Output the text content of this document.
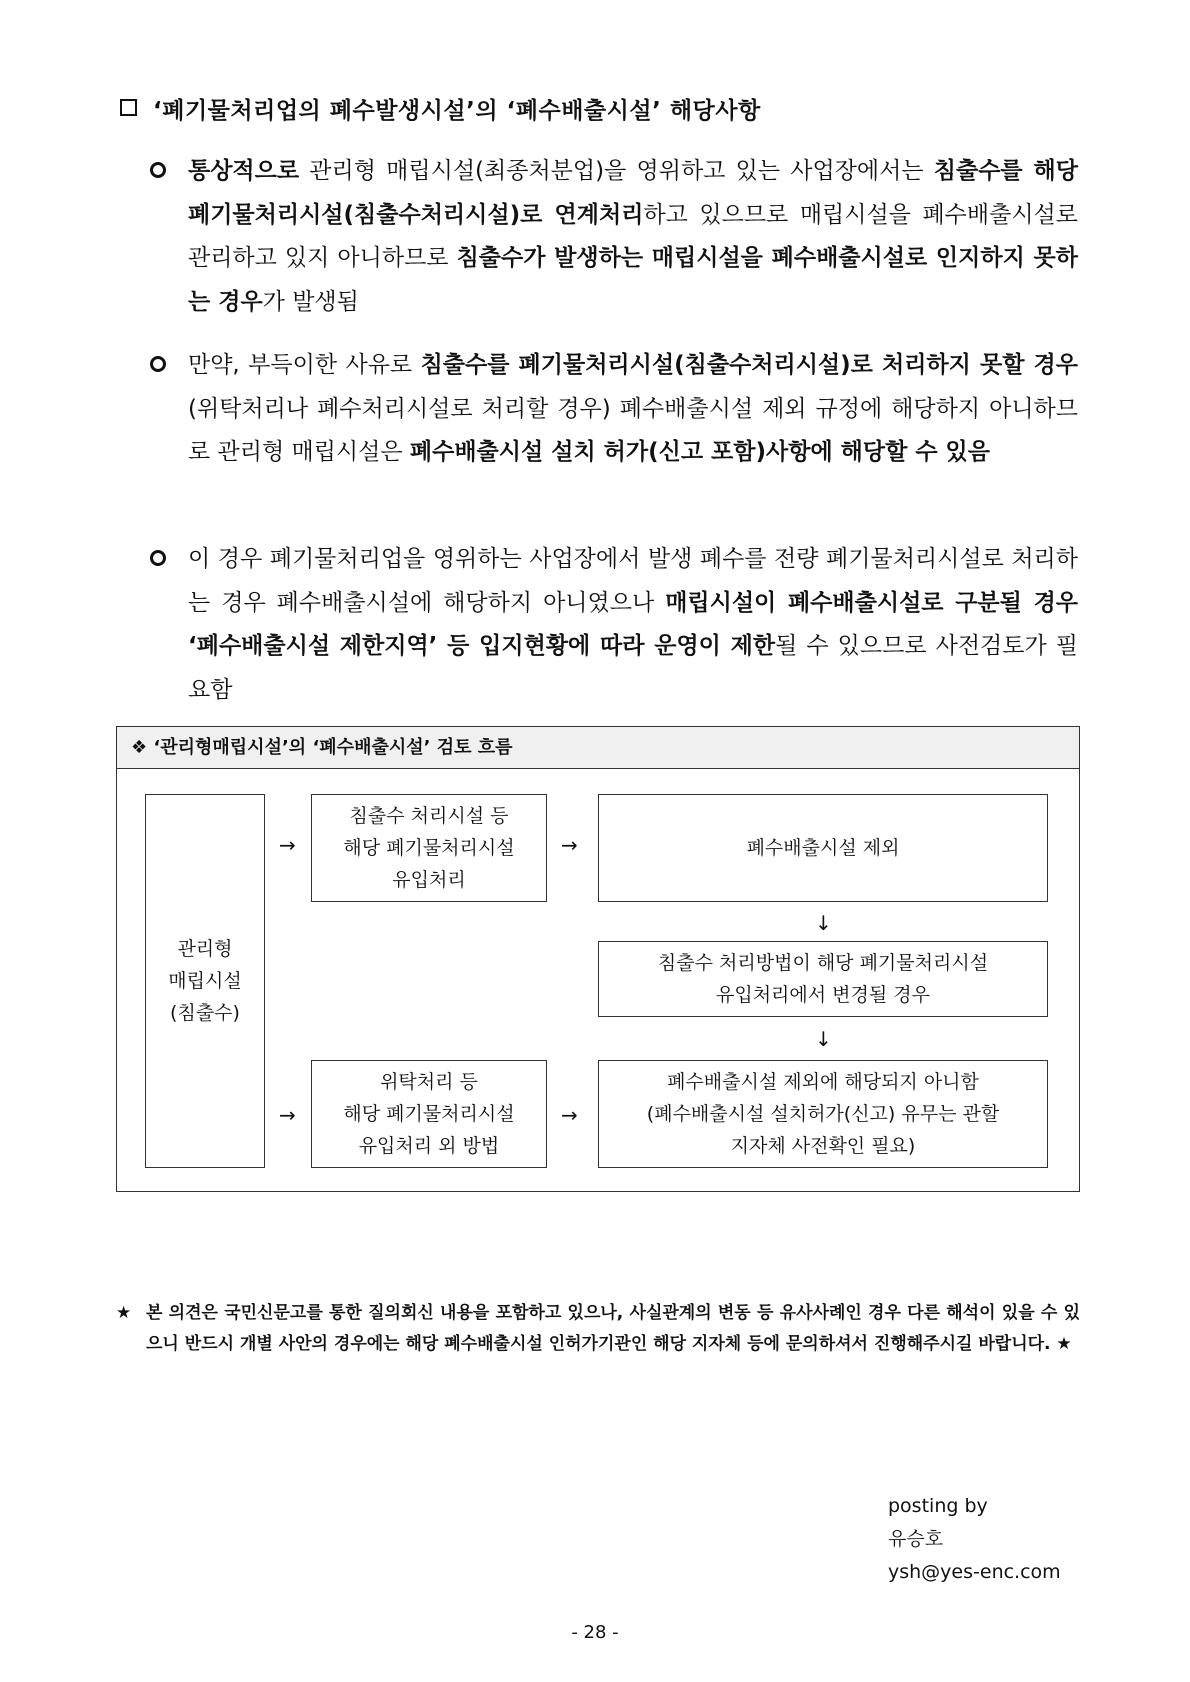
‘폐기물처리업의 폐수발생시설’의 ‘폐수배출시설’ 해당사항
통상적으로 관리형 매립시설(최종처분업)을 영위하고 있는 사업장에서는 침출수를 해당 폐기물처리시설(침출수처리시설)로 연계처리하고 있으므로 매립시설을 폐수배출시설로 관리하고 있지 아니하므로 침출수가 발생하는 매립시설을 폐수배출시설로 인지하지 못하는 경우가 발생됨
만약, 부득이한 사유로 침출수를 폐기물처리시설(침출수처리시설)로 처리하지 못할 경우 (위탁처리나 폐수처리시설로 처리할 경우) 폐수배출시설 제외 규정에 해당하지 아니하므로 관리형 매립시설은 폐수배출시설 설치 허가(신고 포함)사항에 해당할 수 있음
이 경우 폐기물처리업을 영위하는 사업장에서 발생 폐수를 전량 폐기물처리시설로 처리하는 경우 폐수배출시설에 해당하지 아니였으나 매립시설이 폐수배출시설로 구분될 경우 ‘폐수배출시설 제한지역’ 등 입지현황에 따라 운영이 제한될 수 있으므로 사전검토가 필요함
❖ ‘관리형매립시설’의 ‘폐수배출시설’ 검토 흐름
관리형
매립시설
(침출수)
→
침출수 처리시설 등
해당 폐기물처리시설
유입처리
→	폐수배출시설 제외
↓
침출수 처리방법이 해당 폐기물처리시설
유입처리에서 변경될 경우
↓
→
위탁처리 등
해당 폐기물처리시설
유입처리 외 방법
→
폐수배출시설 제외에 해당되지 아니함
(폐수배출시설 설치허가(신고) 유무는 관할
지자체 사전확인 필요)
★ 본 의견은 국민신문고를 통한 질의회신 내용을 포함하고 있으나, 사실관계의 변동 등 유사사례인 경우 다른 해석이 있을 수 있으니 반드시 개별 사안의 경우에는 해당 폐수배출시설 인허가기관인 해당 지자체 등에 문의하셔서 진행해주시길 바랍니다. ★
posting by
유승호
ysh@yes-enc.com
- 28 -
